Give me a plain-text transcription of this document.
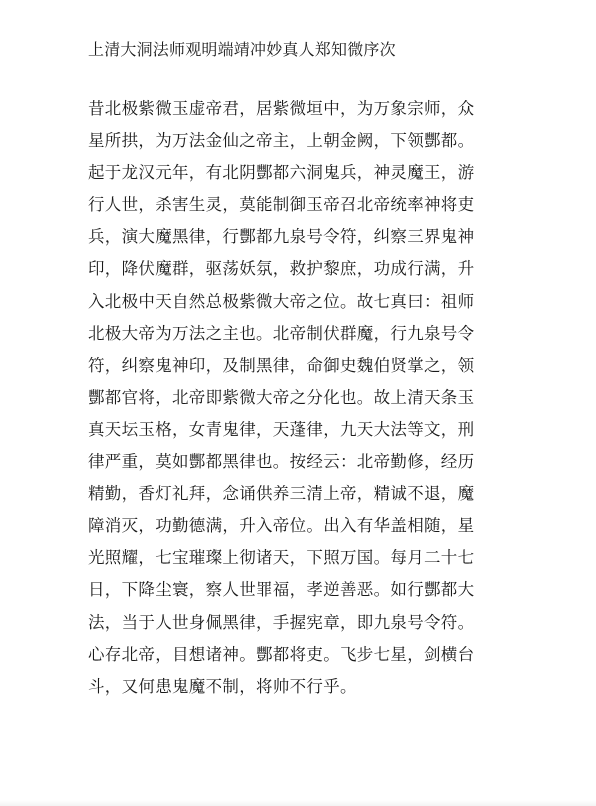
上清大洞法师观明端靖冲妙真人郑知微序次
昔北极紫微玉虚帝君，居紫微垣中，为万象宗师，众
星所拱，为万法金仙之帝主，上朝金阙，下领酆都。
起于龙汉元年，有北阴酆都六洞鬼兵，神灵魔王，游
行人世，杀害生灵，莫能制御玉帝召北帝统率神将吏
兵，演大魔黑律，行酆都九泉号令符，纠察三界鬼神
印，降伏魔群，驱荡妖氛，救护黎庶，功成行满，升
入北极中天自然总极紫微大帝之位。故七真曰：祖师
北极大帝为万法之主也。北帝制伏群魔，行九泉号令
符，纠察鬼神印，及制黑律，命御史魏伯贤掌之，领
酆都官将，北帝即紫微大帝之分化也。故上清天条玉
真天坛玉格，女青鬼律，天蓬律，九天大法等文，刑
律严重，莫如酆都黑律也。按经云：北帝勤修，经历
精勤，香灯礼拜，念诵供养三清上帝，精诚不退，魔
障消灭，功勤德满，升入帝位。出入有华盖相随，星
光照耀，七宝璀璨上彻诸天，下照万国。每月二十七
日，下降尘寰，察人世罪福，孝逆善恶。如行酆都大
法，当于人世身佩黑律，手握宪章，即九泉号令符。
心存北帝，目想诸神。酆都将吏。飞步七星，剑横台
斗，又何患鬼魔不制，将帅不行乎。
